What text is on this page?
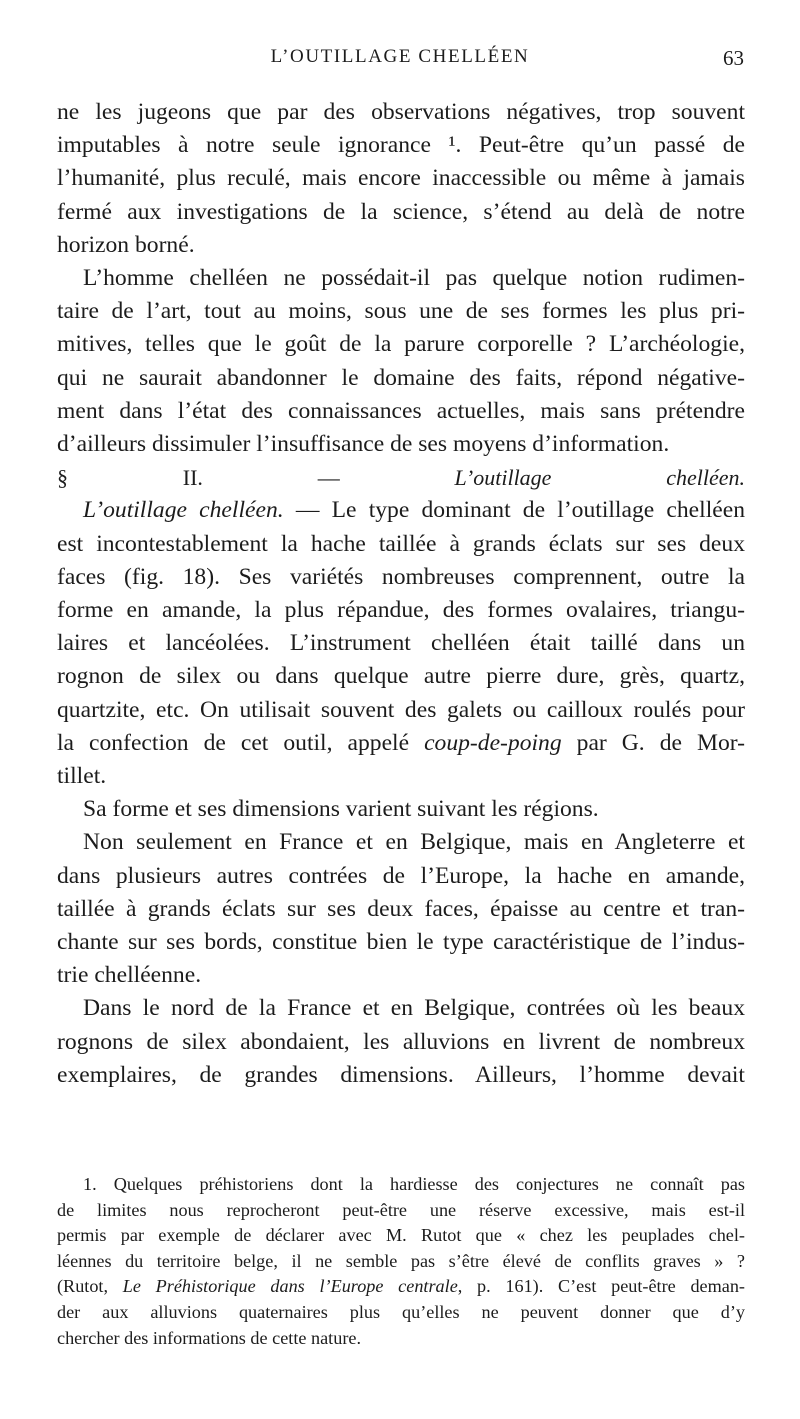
L’OUTILLAGE CHELLÉEN	63

ne les jugeons que par des observations négatives, trop souvent

imputables à notre seule ignorance ¹. Peut-être qu’un passé de

l’humanité, plus reculé, mais encore inaccessible ou même à jamais

fermé aux investigations de la science, s’étend au delà de notre

horizon borné.

L’homme chelléen ne possédait-il pas quelque notion rudimen-

taire de l’art, tout au moins, sous une de ses formes les plus pri-

mitives, telles que le goût de la parure corporelle ? L’archéologie,

qui ne saurait abandonner le domaine des faits, répond négative-

ment dans l’état des connaissances actuelles, mais sans prétendre

d’ailleurs dissimuler l’insuffisance de ses moyens d’information.

§ II. — L’outillage chelléen.

L’outillage chelléen. — Le type dominant de l’outillage chelléen

est incontestablement la hache taillée à grands éclats sur ses deux

faces (fig. 18). Ses variétés nombreuses comprennent, outre la

forme en amande, la plus répandue, des formes ovalaires, triangu-

laires et lancéolées. L’instrument chelléen était taillé dans un

rognon de silex ou dans quelque autre pierre dure, grès, quartz,

quartzite, etc. On utilisait souvent des galets ou cailloux roulés pour

la confection de cet outil, appelé coup-de-poing par G. de Mor-

tillet.

Sa forme et ses dimensions varient suivant les régions.

Non seulement en France et en Belgique, mais en Angleterre et

dans plusieurs autres contrées de l’Europe, la hache en amande,

taillée à grands éclats sur ses deux faces, épaisse au centre et tran-

chante sur ses bords, constitue bien le type caractéristique de l’indus-

trie chelléenne.

Dans le nord de la France et en Belgique, contrées où les beaux

rognons de silex abondaient, les alluvions en livrent de nombreux

exemplaires, de grandes dimensions. Ailleurs, l’homme devait

1. Quelques préhistoriens dont la hardiesse des conjectures ne connaît pas

de limites nous reprocheront peut-être une réserve excessive, mais est-il

permis par exemple de déclarer avec M. Rutot que « chez les peuplades chel-

léennes du territoire belge, il ne semble pas s’être élevé de conflits graves » ?

(Rutot, Le Préhistorique dans l’Europe centrale, p. 161). C’est peut-être deman-

der aux alluvions quaternaires plus qu’elles ne peuvent donner que d’y

chercher des informations de cette nature.
